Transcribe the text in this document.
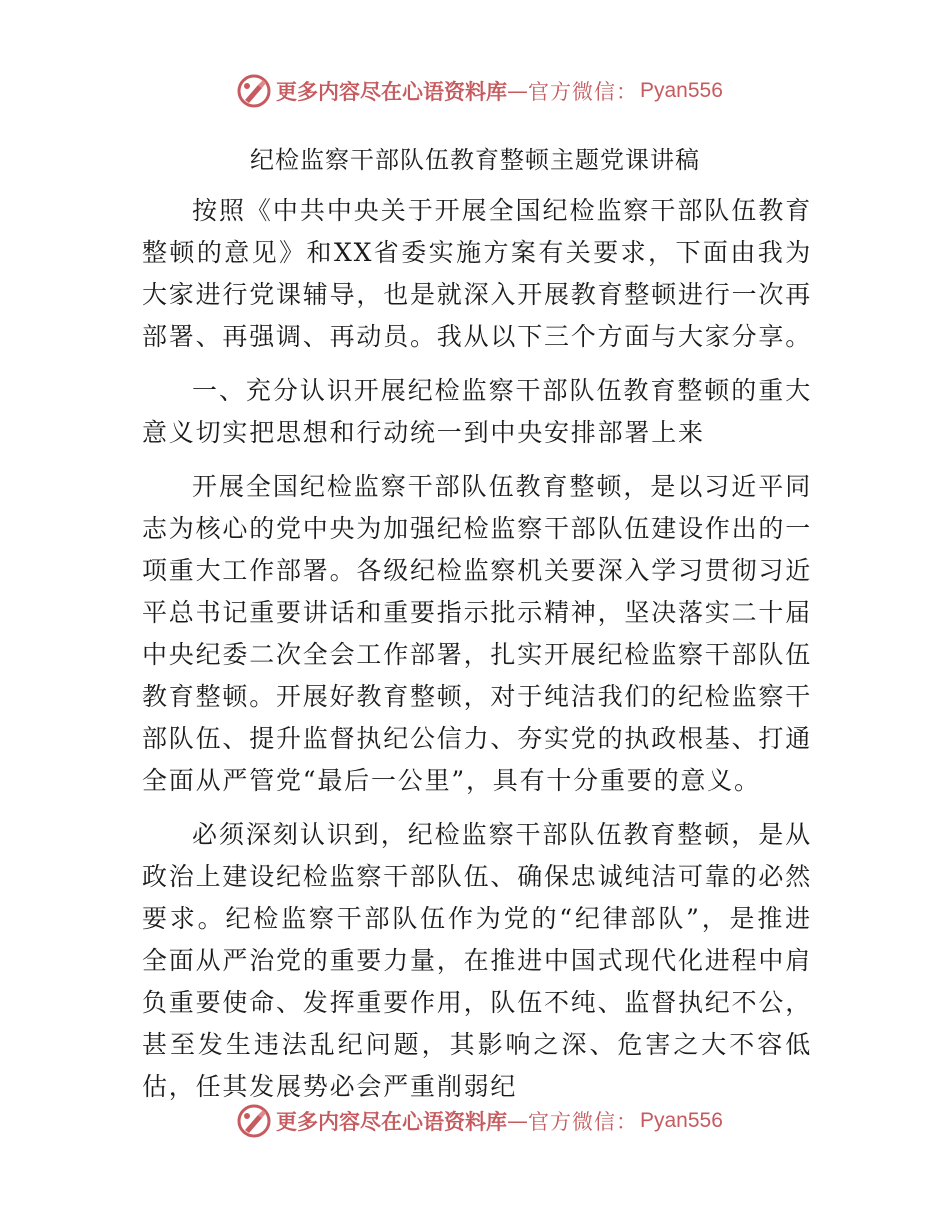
更多内容尽在心语资料库 — 官方微信： Pyan556
纪检监察干部队伍教育整顿主题党课讲稿

按照《中共中央关于开展全国纪检监察干部队伍教育整顿的意见》和XX省委实施方案有关要求，下面由我为大家进行党课辅导，也是就深入开展教育整顿进行一次再部署、再强调、再动员。我从以下三个方面与大家分享。

一、充分认识开展纪检监察干部队伍教育整顿的重大意义切实把思想和行动统一到中央安排部署上来

开展全国纪检监察干部队伍教育整顿，是以习近平同志为核心的党中央为加强纪检监察干部队伍建设作出的一项重大工作部署。各级纪检监察机关要深入学习贯彻习近平总书记重要讲话和重要指示批示精神，坚决落实二十届中央纪委二次全会工作部署，扎实开展纪检监察干部队伍教育整顿。开展好教育整顿，对于纯洁我们的纪检监察干部队伍、提升监督执纪公信力、夯实党的执政根基、打通全面从严管党“最后一公里”，具有十分重要的意义。

必须深刻认识到，纪检监察干部队伍教育整顿，是从政治上建设纪检监察干部队伍、确保忠诚纯洁可靠的必然要求。纪检监察干部队伍作为党的“纪律部队”，是推进全面从严治党的重要力量，在推进中国式现代化进程中肩负重要使命、发挥重要作用，队伍不纯、监督执纪不公，甚至发生违法乱纪问题，其影响之深、危害之大不容低估，任其发展势必会严重削弱纪

更多内容尽在心语资料库 — 官方微信： Pyan556
